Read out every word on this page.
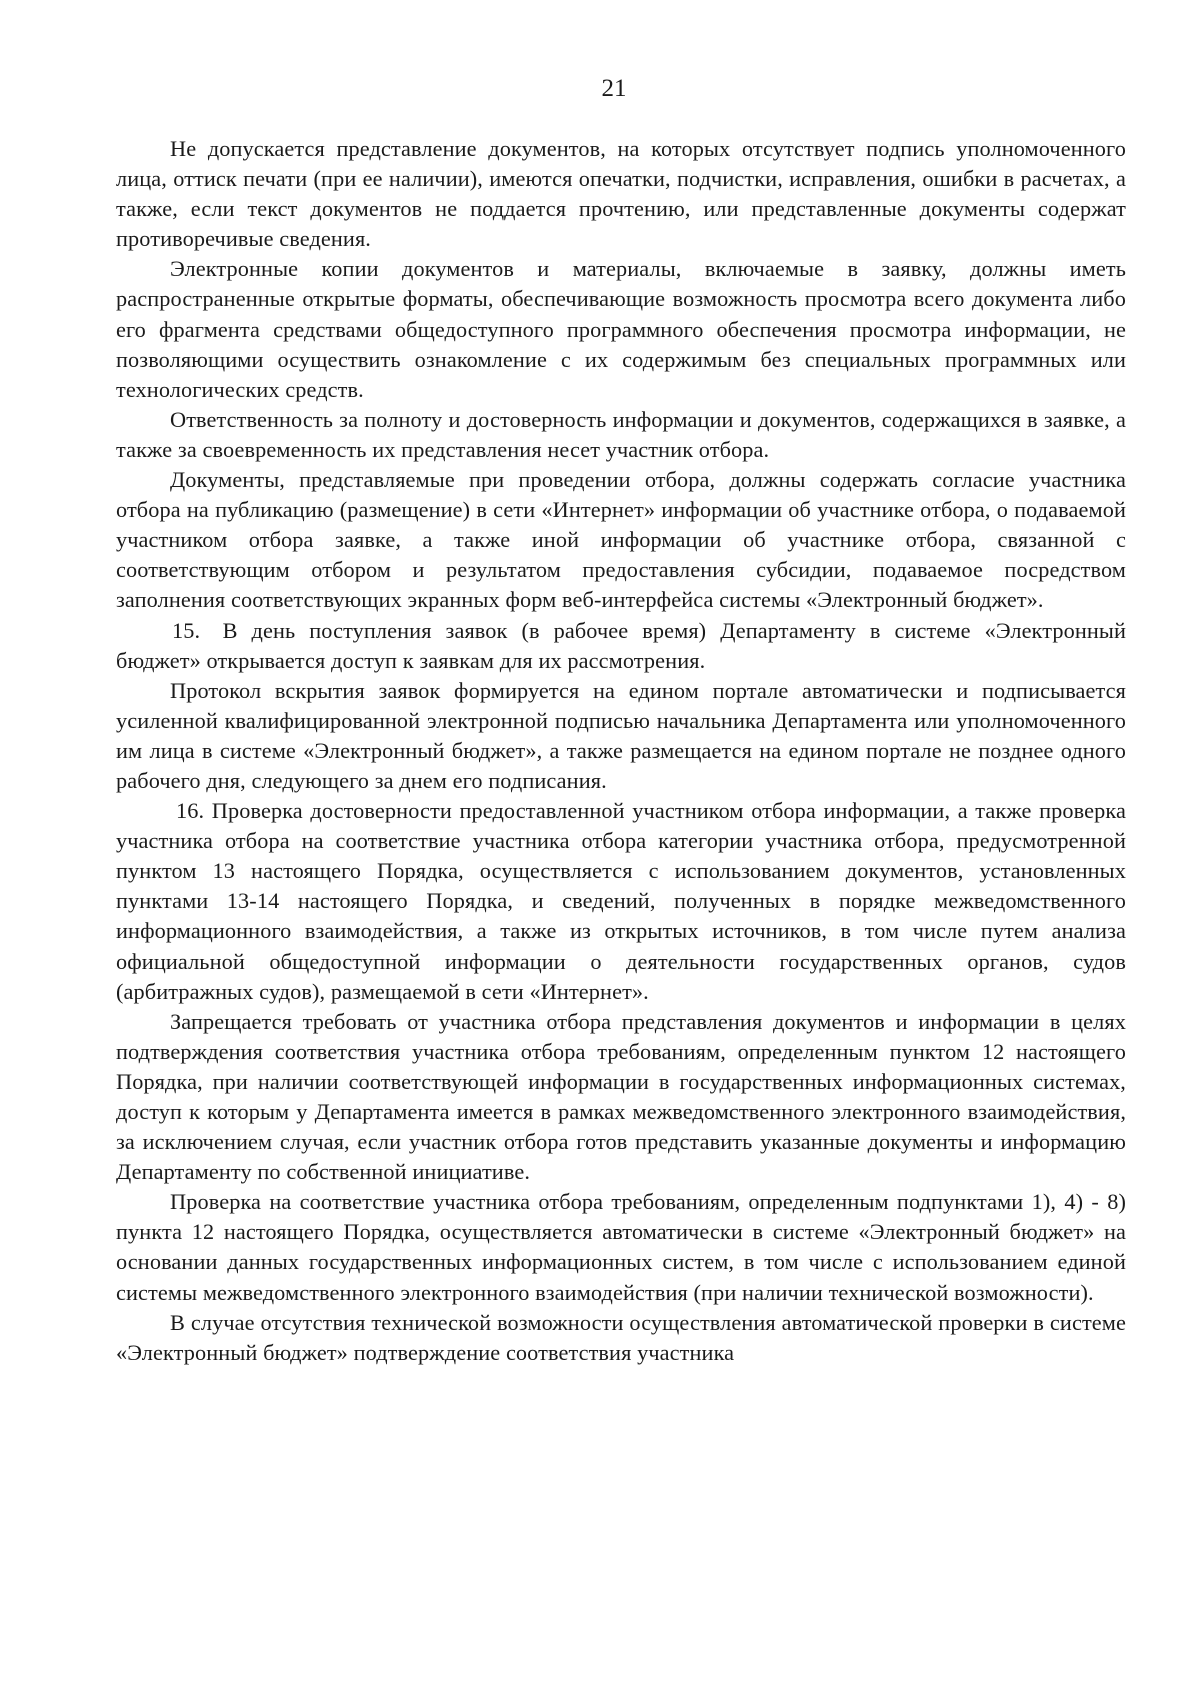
21

Не допускается представление документов, на которых отсутствует подпись уполномоченного лица, оттиск печати (при ее наличии), имеются опечатки, подчистки, исправления, ошибки в расчетах, а также, если текст документов не поддается прочтению, или представленные документы содержат противоречивые сведения.

Электронные копии документов и материалы, включаемые в заявку, должны иметь распространенные открытые форматы, обеспечивающие возможность просмотра всего документа либо его фрагмента средствами общедоступного программного обеспечения просмотра информации, не позволяющими осуществить ознакомление с их содержимым без специальных программных или технологических средств.

Ответственность за полноту и достоверность информации и документов, содержащихся в заявке, а также за своевременность их представления несет участник отбора.

Документы, представляемые при проведении отбора, должны содержать согласие участника отбора на публикацию (размещение) в сети «Интернет» информации об участнике отбора, о подаваемой участником отбора заявке, а также иной информации об участнике отбора, связанной с соответствующим отбором и результатом предоставления субсидии, подаваемое посредством заполнения соответствующих экранных форм веб-интерфейса системы «Электронный бюджет».

15. В день поступления заявок (в рабочее время) Департаменту в системе «Электронный бюджет» открывается доступ к заявкам для их рассмотрения.

Протокол вскрытия заявок формируется на едином портале автоматически и подписывается усиленной квалифицированной электронной подписью начальника Департамента или уполномоченного им лица в системе «Электронный бюджет», а также размещается на едином портале не позднее одного рабочего дня, следующего за днем его подписания.

16. Проверка достоверности предоставленной участником отбора информации, а также проверка участника отбора на соответствие участника отбора категории участника отбора, предусмотренной пунктом 13 настоящего Порядка, осуществляется с использованием документов, установленных пунктами 13-14 настоящего Порядка, и сведений, полученных в порядке межведомственного информационного взаимодействия, а также из открытых источников, в том числе путем анализа официальной общедоступной информации о деятельности государственных органов, судов (арбитражных судов), размещаемой в сети «Интернет».

Запрещается требовать от участника отбора представления документов и информации в целях подтверждения соответствия участника отбора требованиям, определенным пунктом 12 настоящего Порядка, при наличии соответствующей информации в государственных информационных системах, доступ к которым у Департамента имеется в рамках межведомственного электронного взаимодействия, за исключением случая, если участник отбора готов представить указанные документы и информацию Департаменту по собственной инициативе.

Проверка на соответствие участника отбора требованиям, определенным подпунктами 1), 4) - 8) пункта 12 настоящего Порядка, осуществляется автоматически в системе «Электронный бюджет» на основании данных государственных информационных систем, в том числе с использованием единой системы межведомственного электронного взаимодействия (при наличии технической возможности).

В случае отсутствия технической возможности осуществления автоматической проверки в системе «Электронный бюджет» подтверждение соответствия участника
